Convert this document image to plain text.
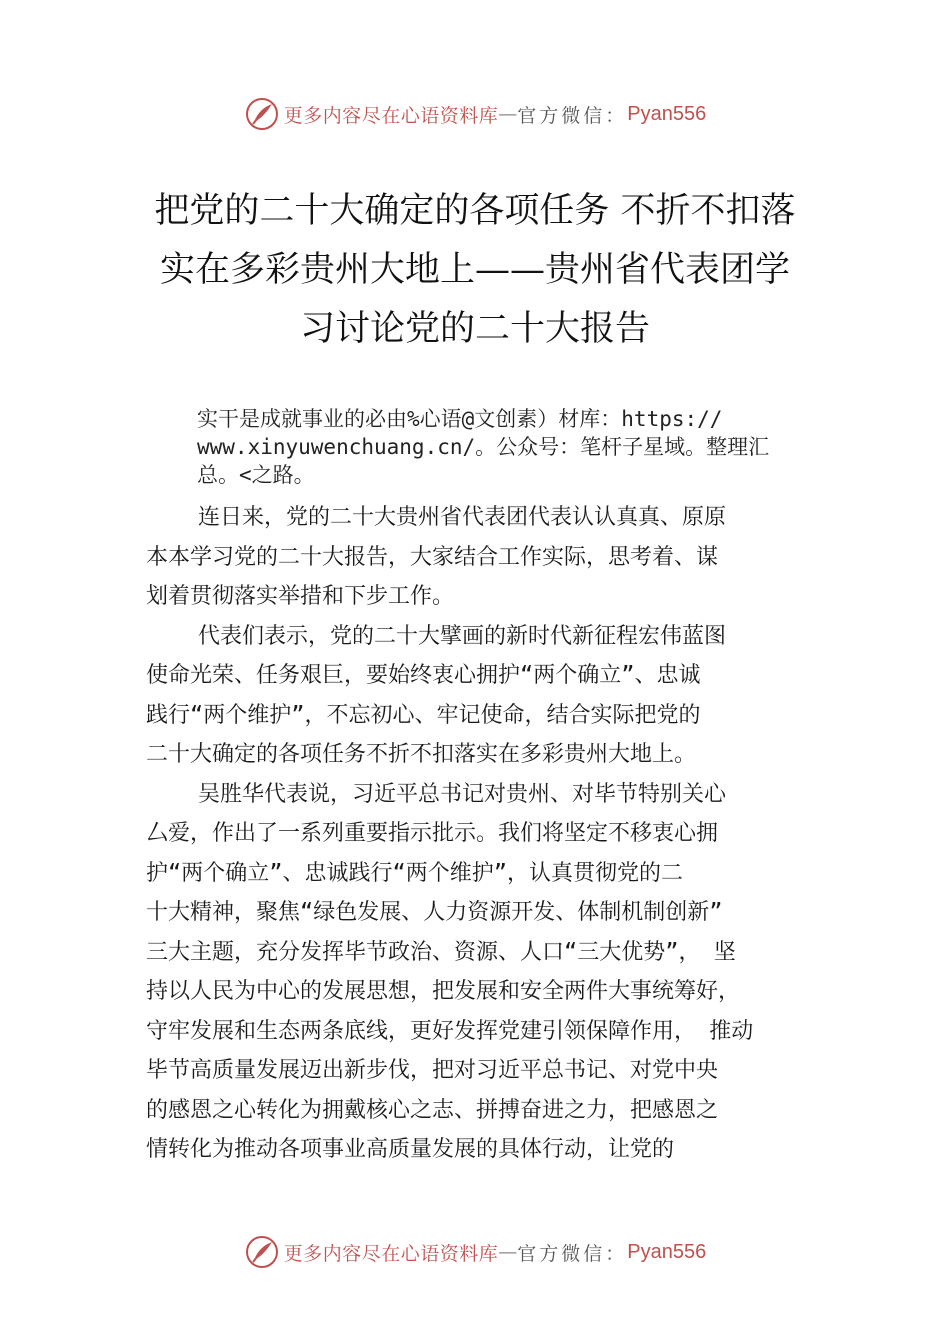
更多内容尽在心语资料库 — 官方微信： Pyan556
把党的二十大确定的各项任务 不折不扣落
实在多彩贵州大地上——贵州省代表团学
习讨论党的二十大报告
实干是成就事业的必由%心语@文创素）材库：https://
www.xinyuwenchuang.cn/。公众号：笔杆子星域。整理汇
总。<之路。
连日来，党的二十大贵州省代表团代表认认真真、原原
本本学习党的二十大报告，大家结合工作实际，思考着、谋
划着贯彻落实举措和下步工作。
代表们表示，党的二十大擘画的新时代新征程宏伟蓝图
使命光荣、任务艰巨，要始终衷心拥护“两个确立”、忠诚
践行“两个维护”，不忘初心、牢记使命，结合实际把党的
二十大确定的各项任务不折不扣落实在多彩贵州大地上。
吴胜华代表说，习近平总书记对贵州、对毕节特别关心
厶爱，作出了一系列重要指示批示。我们将坚定不移衷心拥
护“两个确立”、忠诚践行“两个维护”，认真贯彻党的二
十大精神，聚焦“绿色发展、人力资源开发、体制机制创新”
三大主题，充分发挥毕节政治、资源、人口“三大优势”， 坚
持以人民为中心的发展思想，把发展和安全两件大事统筹好，
守牢发展和生态两条底线，更好发挥党建引领保障作用， 推动
毕节高质量发展迈出新步伐，把对习近平总书记、对党中央
的感恩之心转化为拥戴核心之志、拼搏奋进之力，把感恩之
情转化为推动各项事业高质量发展的具体行动，让党的
更多内容尽在心语资料库 — 官方微信： Pyan556
